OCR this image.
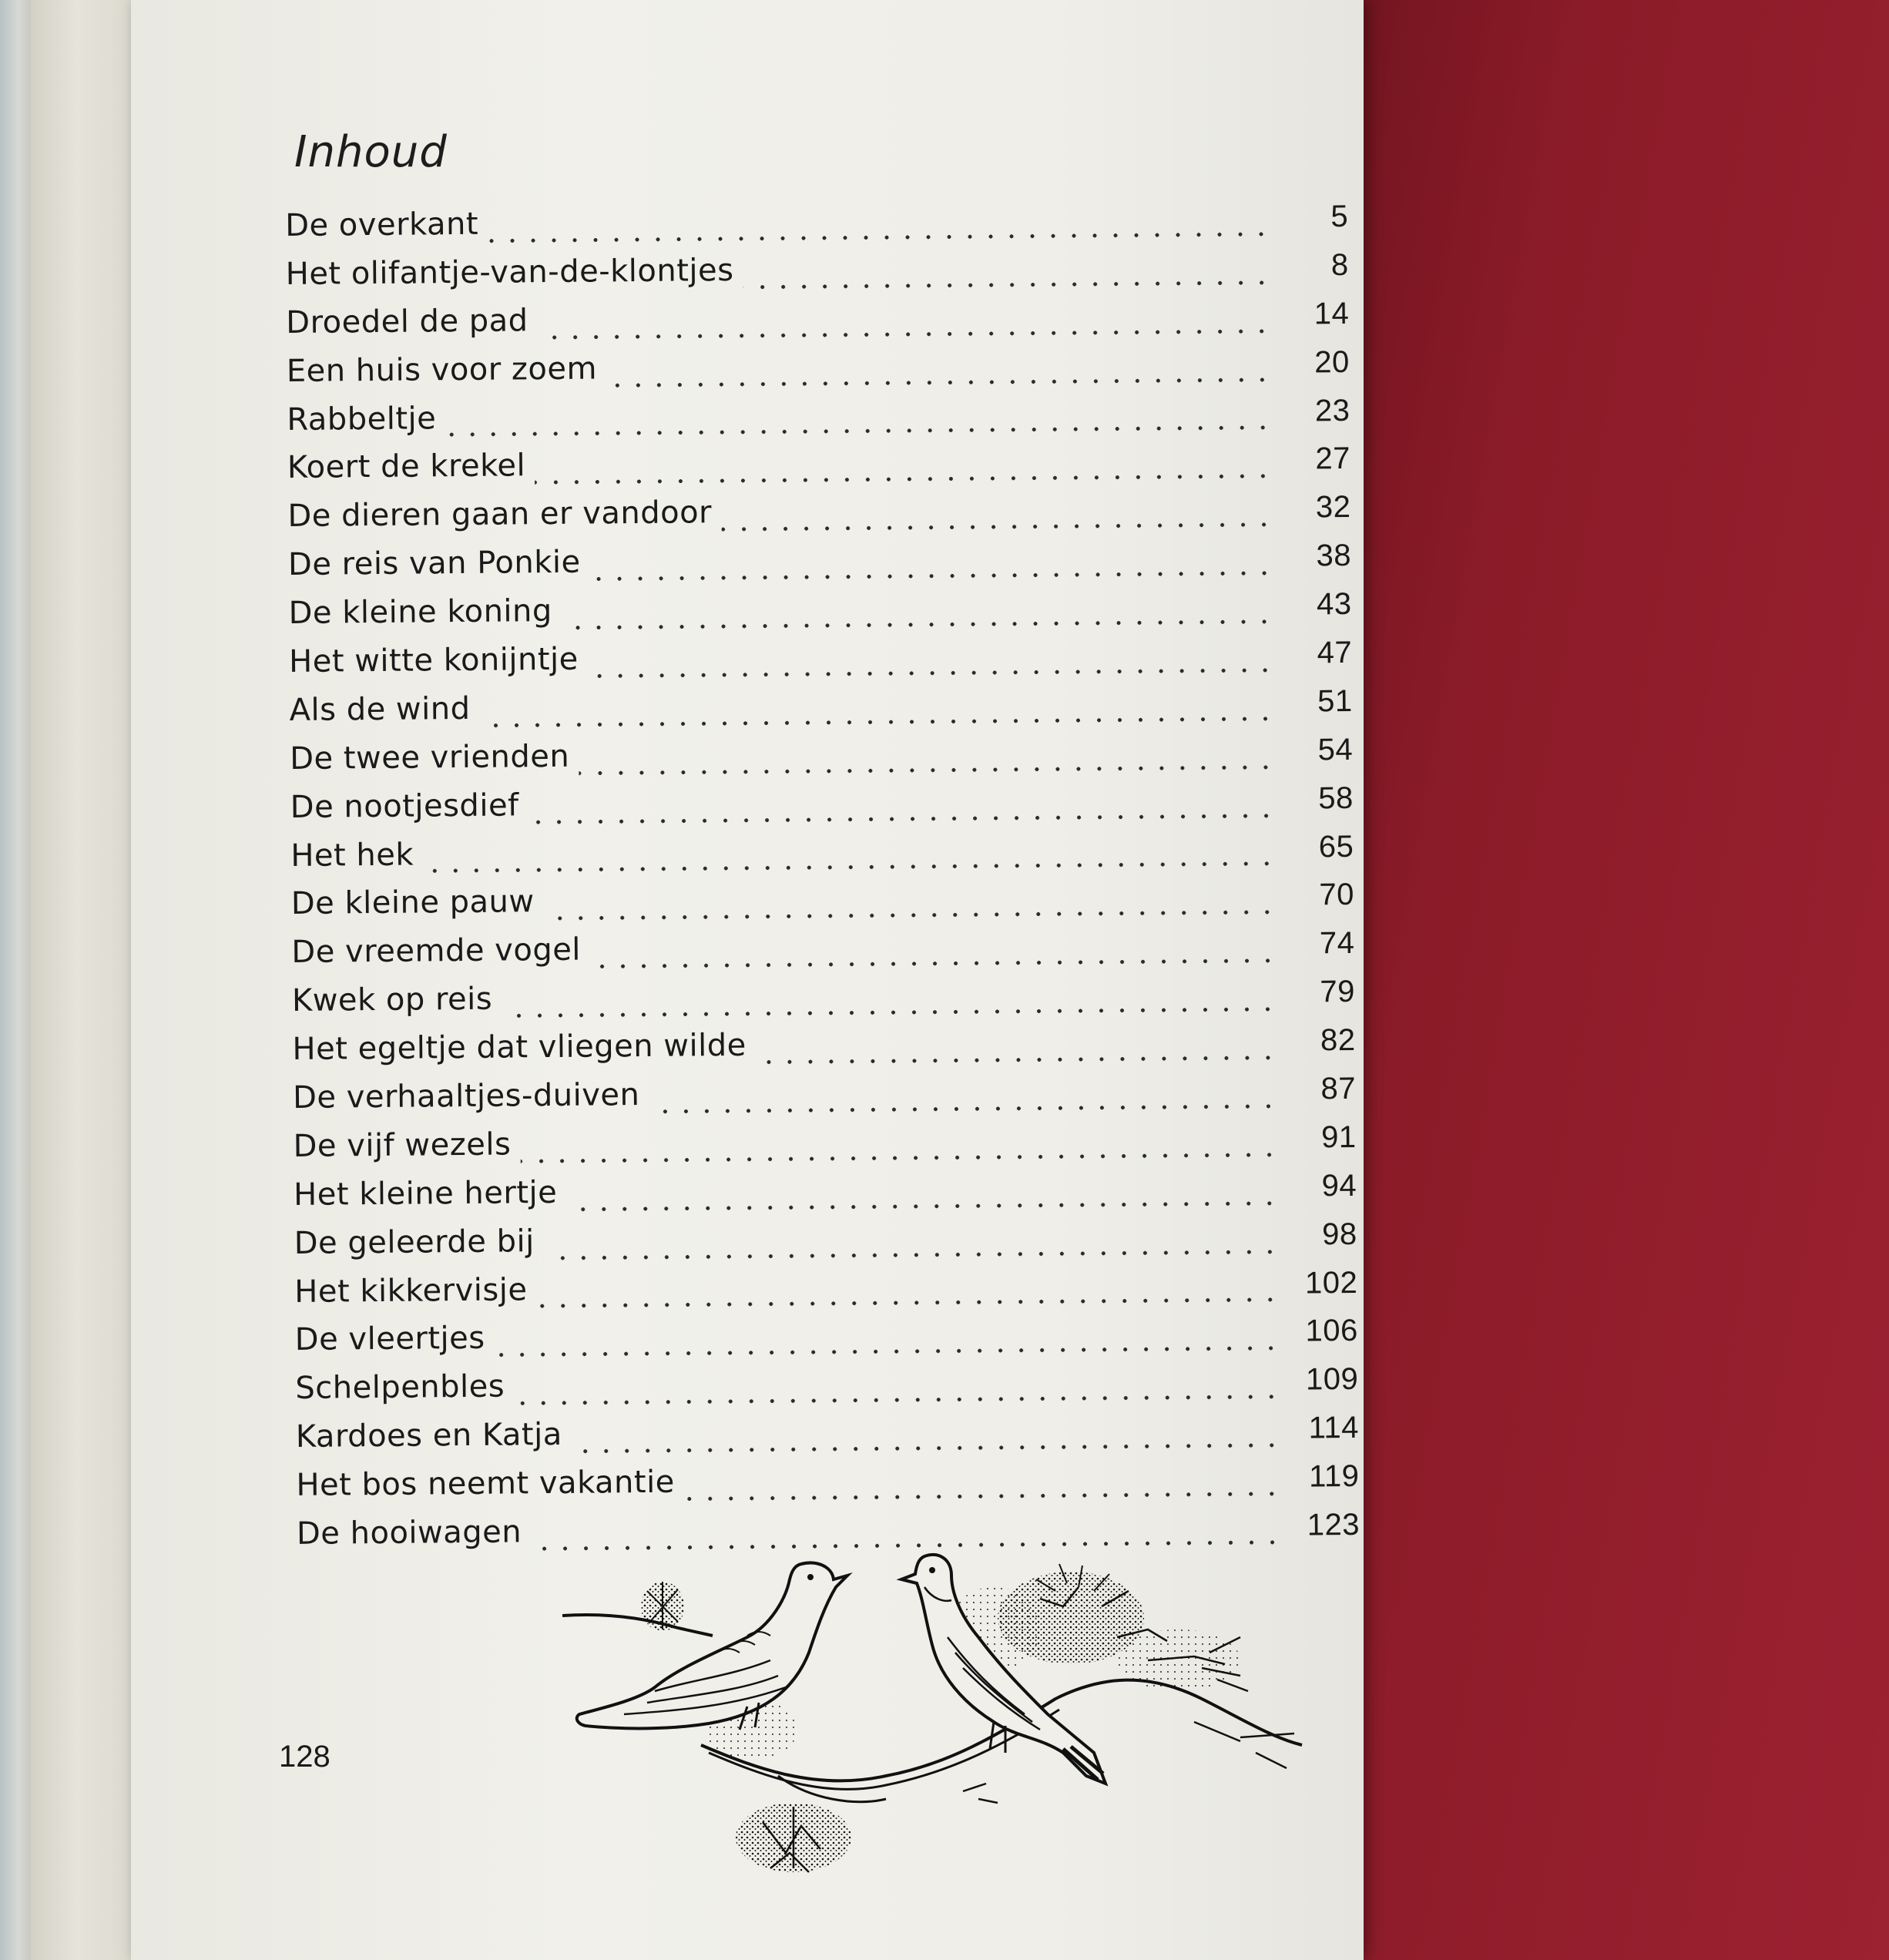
Inhoud
De overkant	5
Het olifantje-van-de-klontjes	8
Droedel de pad	14
Een huis voor zoem	20
Rabbeltje	23
Koert de krekel	27
De dieren gaan er vandoor	32
De reis van Ponkie	38
De kleine koning	43
Het witte konijntje	47
Als de wind	51
De twee vrienden	54
De nootjesdief	58
Het hek	65
De kleine pauw	70
De vreemde vogel	74
Kwek op reis	79
Het egeltje dat vliegen wilde	82
De verhaaltjes-duiven	87
De vijf wezels	91
Het kleine hertje	94
De geleerde bij	98
Het kikkervisje	102
De vleertjes	106
Schelpenbles	109
Kardoes en Katja	114
Het bos neemt vakantie	119
De hooiwagen	123
128
